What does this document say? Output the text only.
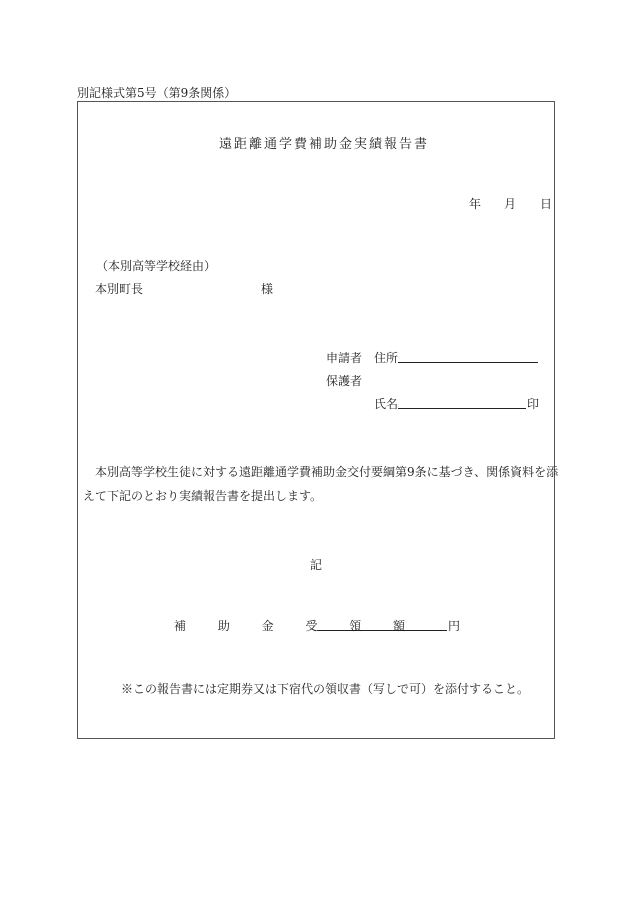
別記様式第5号（第9条関係）
遠距離通学費補助金実績報告書
年 月 日
（本別高等学校経由）
本別町長	様
申請者 住所
保護者
氏名	印
本別高等学校生徒に対する遠距離通学費補助金交付要綱第9条に基づき、関係資料を添
えて下記のとおり実績報告書を提出します。
記
補 助 金 受 領 額 円
※この報告書には定期券又は下宿代の領収書（写しで可）を添付すること。
